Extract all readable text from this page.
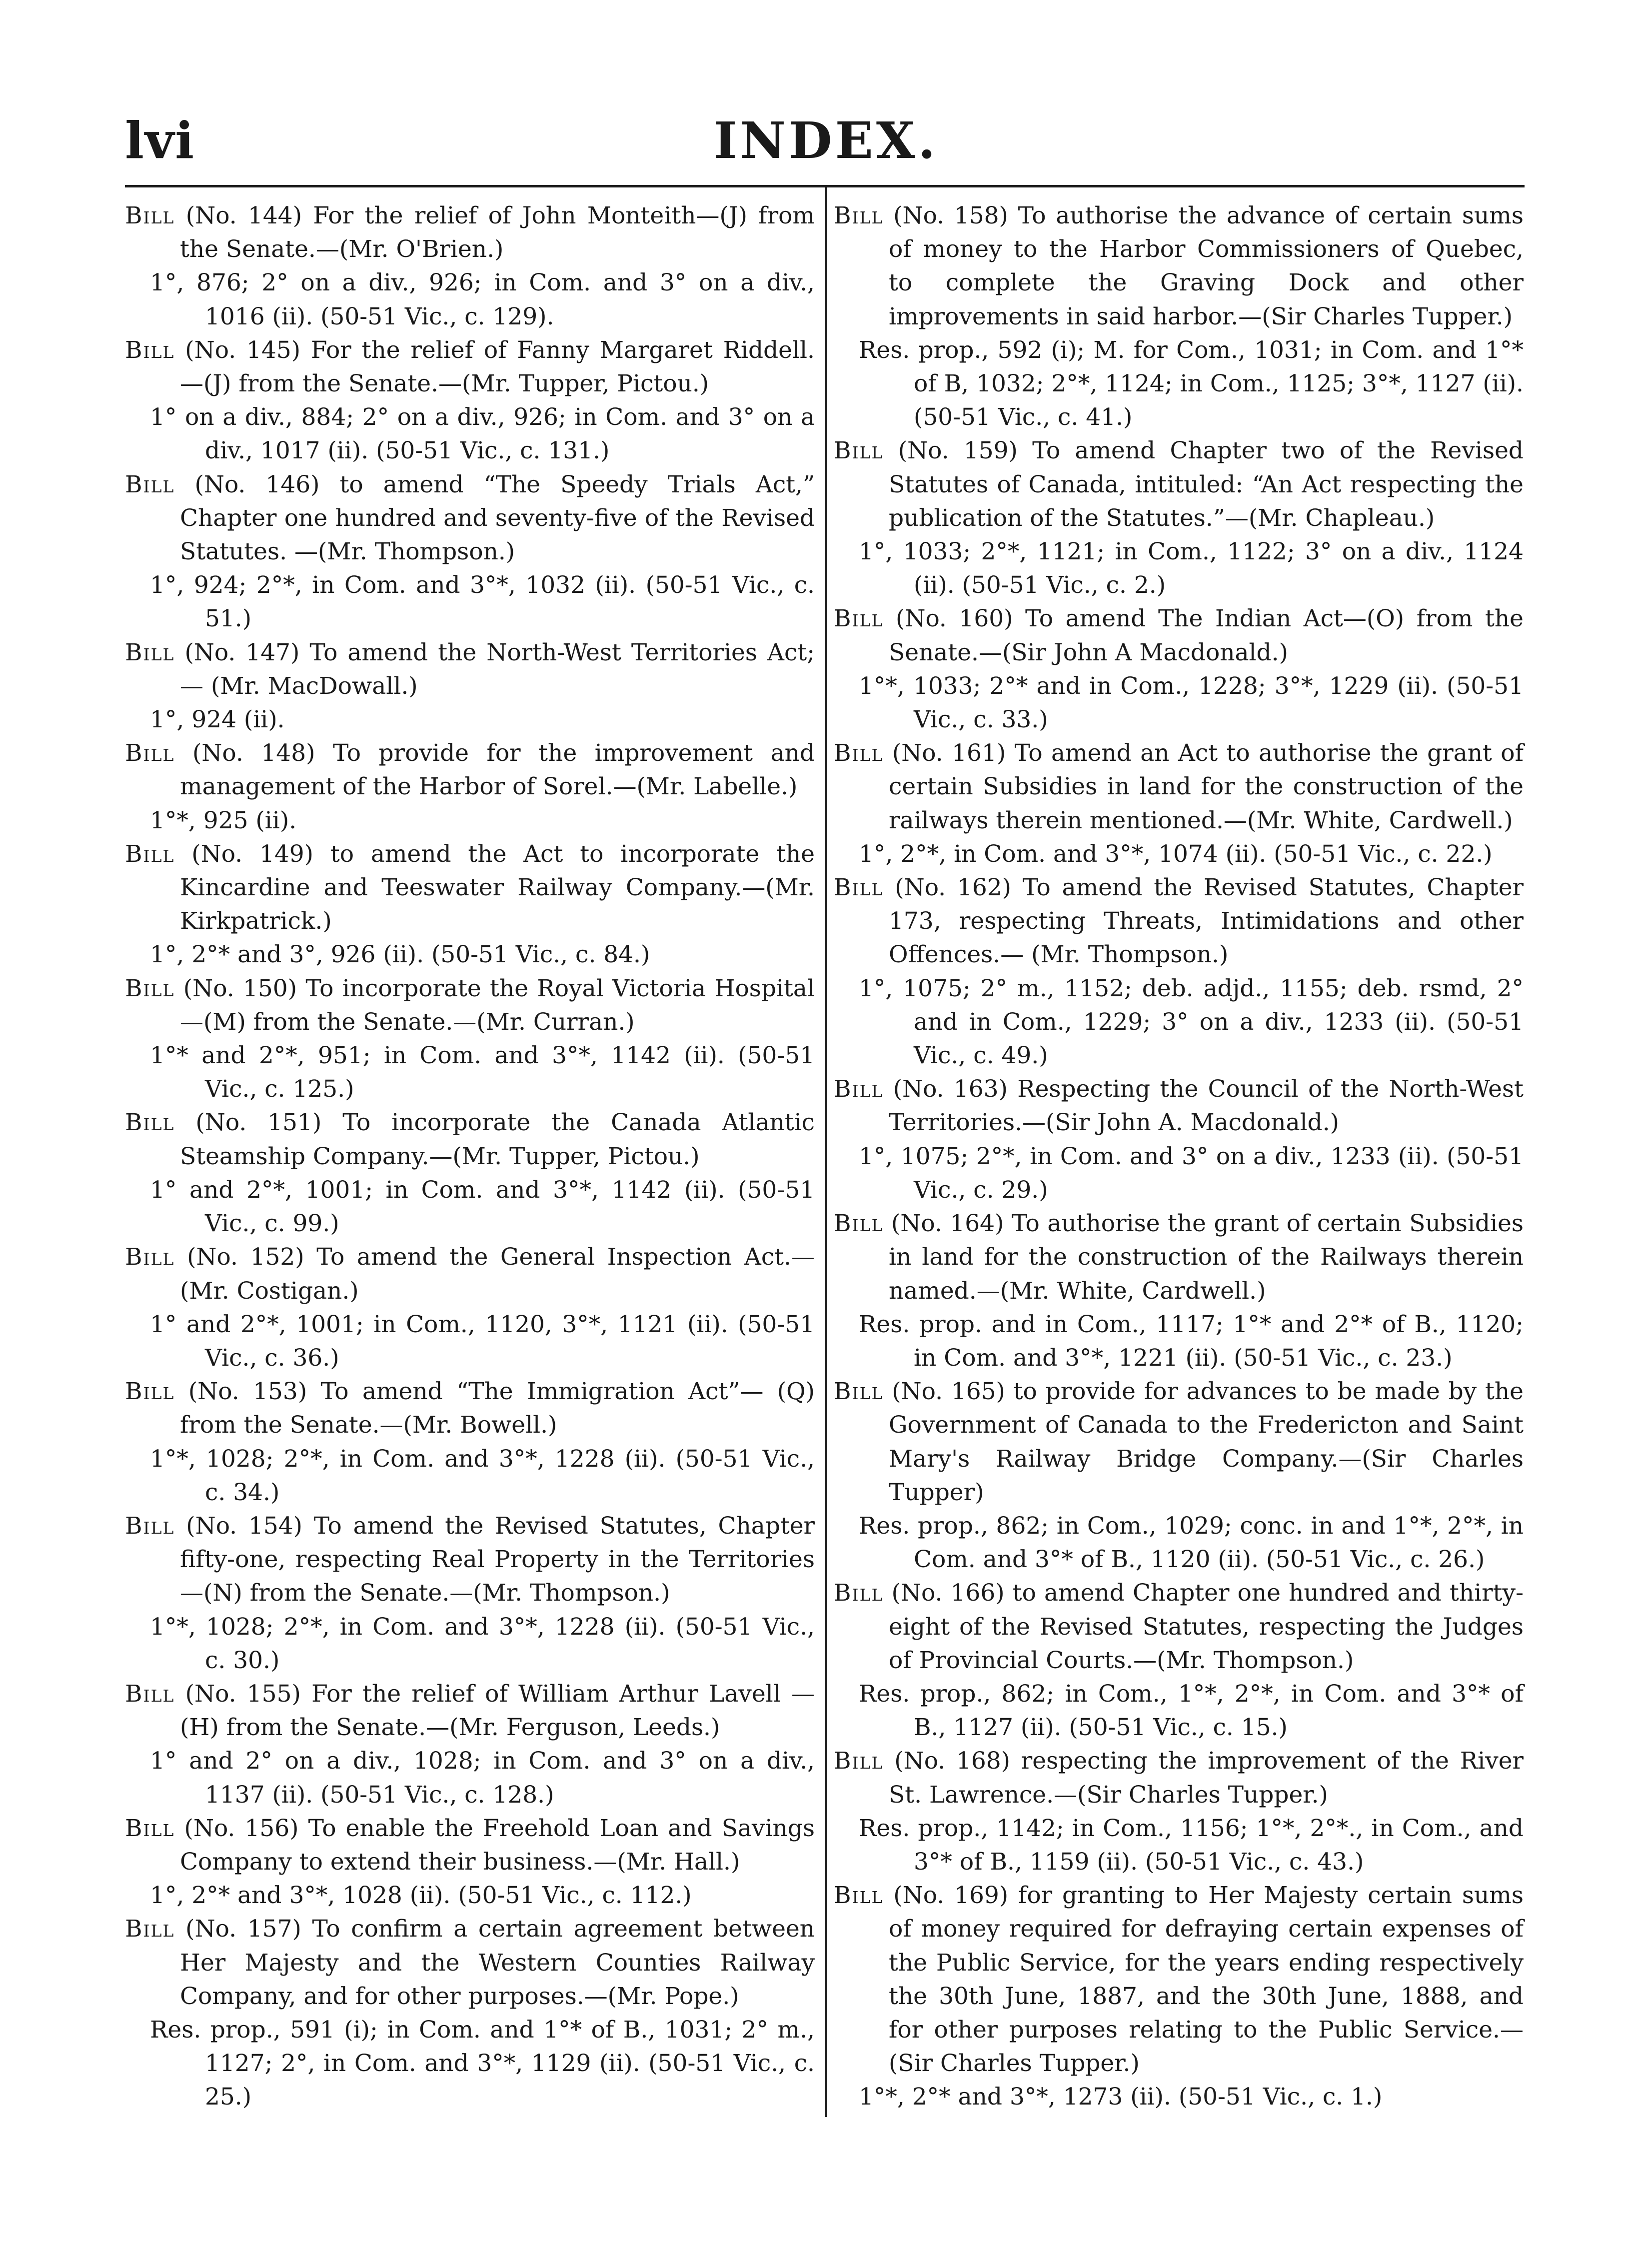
lvi	INDEX.
Bill (No. 144) For the relief of John Monteith—(J) from the Senate.—(Mr. O'Brien.)
1°, 876; 2° on a div., 926; in Com. and 3° on a div., 1016 (ii). (50-51 Vic., c. 129).
Bill (No. 145) For the relief of Fanny Margaret Riddell. —(J) from the Senate.—(Mr. Tupper, Pictou.)
1° on a div., 884; 2° on a div., 926; in Com. and 3° on a div., 1017 (ii). (50-51 Vic., c. 131.)
Bill (No. 146) to amend “The Speedy Trials Act,” Chapter one hundred and seventy-five of the Revised Statutes. —(Mr. Thompson.)
1°, 924; 2°*, in Com. and 3°*, 1032 (ii). (50-51 Vic., c. 51.)
Bill (No. 147) To amend the North-West Territories Act; — (Mr. MacDowall.)
1°, 924 (ii).
Bill (No. 148) To provide for the improvement and management of the Harbor of Sorel.—(Mr. Labelle.)
1°*, 925 (ii).
Bill (No. 149) to amend the Act to incorporate the Kincardine and Teeswater Railway Company.—(Mr. Kirkpatrick.)
1°, 2°* and 3°, 926 (ii). (50-51 Vic., c. 84.)
Bill (No. 150) To incorporate the Royal Victoria Hospital —(M) from the Senate.—(Mr. Curran.)
1°* and 2°*, 951; in Com. and 3°*, 1142 (ii). (50-51 Vic., c. 125.)
Bill (No. 151) To incorporate the Canada Atlantic Steamship Company.—(Mr. Tupper, Pictou.)
1° and 2°*, 1001; in Com. and 3°*, 1142 (ii). (50-51 Vic., c. 99.)
Bill (No. 152) To amend the General Inspection Act.— (Mr. Costigan.)
1° and 2°*, 1001; in Com., 1120, 3°*, 1121 (ii). (50-51 Vic., c. 36.)
Bill (No. 153) To amend “The Immigration Act”— (Q) from the Senate.—(Mr. Bowell.)
1°*, 1028; 2°*, in Com. and 3°*, 1228 (ii). (50-51 Vic., c. 34.)
Bill (No. 154) To amend the Revised Statutes, Chapter fifty-one, respecting Real Property in the Territories —(N) from the Senate.—(Mr. Thompson.)
1°*, 1028; 2°*, in Com. and 3°*, 1228 (ii). (50-51 Vic., c. 30.)
Bill (No. 155) For the relief of William Arthur Lavell —(H) from the Senate.—(Mr. Ferguson, Leeds.)
1° and 2° on a div., 1028; in Com. and 3° on a div., 1137 (ii). (50-51 Vic., c. 128.)
Bill (No. 156) To enable the Freehold Loan and Savings Company to extend their business.—(Mr. Hall.)
1°, 2°* and 3°*, 1028 (ii). (50-51 Vic., c. 112.)
Bill (No. 157) To confirm a certain agreement between Her Majesty and the Western Counties Railway Company, and for other purposes.—(Mr. Pope.)
Res. prop., 591 (i); in Com. and 1°* of B., 1031; 2° m., 1127; 2°, in Com. and 3°*, 1129 (ii). (50-51 Vic., c. 25.)
Bill (No. 158) To authorise the advance of certain sums of money to the Harbor Commissioners of Quebec, to complete the Graving Dock and other improvements in said harbor.—(Sir Charles Tupper.)
Res. prop., 592 (i); M. for Com., 1031; in Com. and 1°* of B, 1032; 2°*, 1124; in Com., 1125; 3°*, 1127 (ii). (50-51 Vic., c. 41.)
Bill (No. 159) To amend Chapter two of the Revised Statutes of Canada, intituled: “An Act respecting the publication of the Statutes.”—(Mr. Chapleau.)
1°, 1033; 2°*, 1121; in Com., 1122; 3° on a div., 1124 (ii). (50-51 Vic., c. 2.)
Bill (No. 160) To amend The Indian Act—(O) from the Senate.—(Sir John A Macdonald.)
1°*, 1033; 2°* and in Com., 1228; 3°*, 1229 (ii). (50-51 Vic., c. 33.)
Bill (No. 161) To amend an Act to authorise the grant of certain Subsidies in land for the construction of the railways therein mentioned.—(Mr. White, Cardwell.)
1°, 2°*, in Com. and 3°*, 1074 (ii). (50-51 Vic., c. 22.)
Bill (No. 162) To amend the Revised Statutes, Chapter 173, respecting Threats, Intimidations and other Offences.— (Mr. Thompson.)
1°, 1075; 2° m., 1152; deb. adjd., 1155; deb. rsmd, 2° and in Com., 1229; 3° on a div., 1233 (ii). (50-51 Vic., c. 49.)
Bill (No. 163) Respecting the Council of the North-West Territories.—(Sir John A. Macdonald.)
1°, 1075; 2°*, in Com. and 3° on a div., 1233 (ii). (50-51 Vic., c. 29.)
Bill (No. 164) To authorise the grant of certain Subsidies in land for the construction of the Railways therein named.—(Mr. White, Cardwell.)
Res. prop. and in Com., 1117; 1°* and 2°* of B., 1120; in Com. and 3°*, 1221 (ii). (50-51 Vic., c. 23.)
Bill (No. 165) to provide for advances to be made by the Government of Canada to the Fredericton and Saint Mary's Railway Bridge Company.—(Sir Charles Tupper)
Res. prop., 862; in Com., 1029; conc. in and 1°*, 2°*, in Com. and 3°* of B., 1120 (ii). (50-51 Vic., c. 26.)
Bill (No. 166) to amend Chapter one hundred and thirty-eight of the Revised Statutes, respecting the Judges of Provincial Courts.—(Mr. Thompson.)
Res. prop., 862; in Com., 1°*, 2°*, in Com. and 3°* of B., 1127 (ii). (50-51 Vic., c. 15.)
Bill (No. 168) respecting the improvement of the River St. Lawrence.—(Sir Charles Tupper.)
Res. prop., 1142; in Com., 1156; 1°*, 2°*., in Com., and 3°* of B., 1159 (ii). (50-51 Vic., c. 43.)
Bill (No. 169) for granting to Her Majesty certain sums of money required for defraying certain expenses of the Public Service, for the years ending respectively the 30th June, 1887, and the 30th June, 1888, and for other purposes relating to the Public Service.—(Sir Charles Tupper.)
1°*, 2°* and 3°*, 1273 (ii). (50-51 Vic., c. 1.)
